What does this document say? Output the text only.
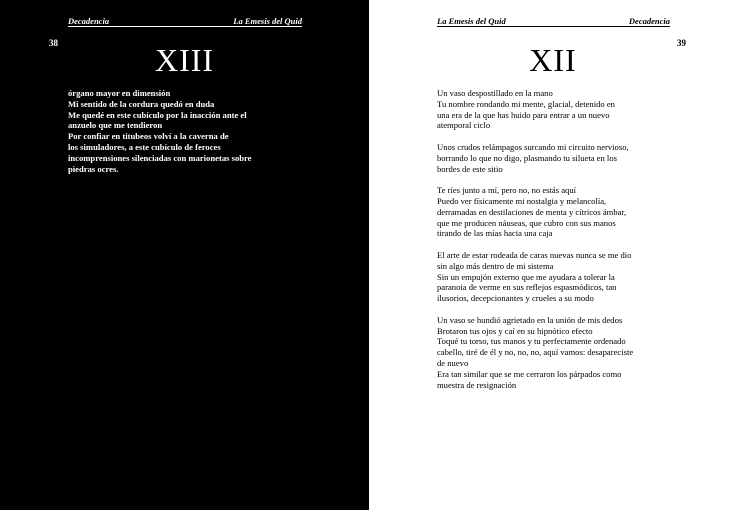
Decadencia	La Emesis del Quid
38	XIII
órgano mayor en dimensión
Mi sentido de la cordura quedó en duda
Me quedé en este cubículo por la inacción ante el
anzuelo que me tendieron
Por confiar en titubeos volví a la caverna de
los simuladores, a este cubículo de feroces
incomprensiones silenciadas con marionetas sobre
piedras ocres.
La Emesis del Quid	Decadencia
39
XII
Un vaso despostillado en la mano
Tu nombre rondando mi mente, glacial, detenido en
una era de la que has huido para entrar a un nuevo
atemporal ciclo
Unos crudos relámpagos surcando mi circuito nervioso,
borrando lo que no digo, plasmando tu silueta en los
bordes de este sitio
Te ríes junto a mí, pero no, no estás aquí
Puedo ver físicamente mi nostalgia y melancolía,
derramadas en destilaciones de menta y cítricos ámbar,
que me producen náuseas, que cubro con sus manos
tirando de las mías hacia una caja
El arte de estar rodeada de caras nuevas nunca se me dio
sin algo más dentro de mi sistema
Sin un empujón externo que me ayudara a tolerar la
paranoia de verme en sus reflejos espasmódicos, tan
ilusorios, decepcionantes y crueles a su modo
Un vaso se hundió agrietado en la unión de mis dedos
Brotaron tus ojos y caí en su hipnótico efecto
Toqué tu torso, tus manos y tu perfectamente ordenado
cabello, tiré de él y no, no, no, aquí vamos: desapareciste
de nuevo
Era tan similar que se me cerraron los párpados como
muestra de resignación
